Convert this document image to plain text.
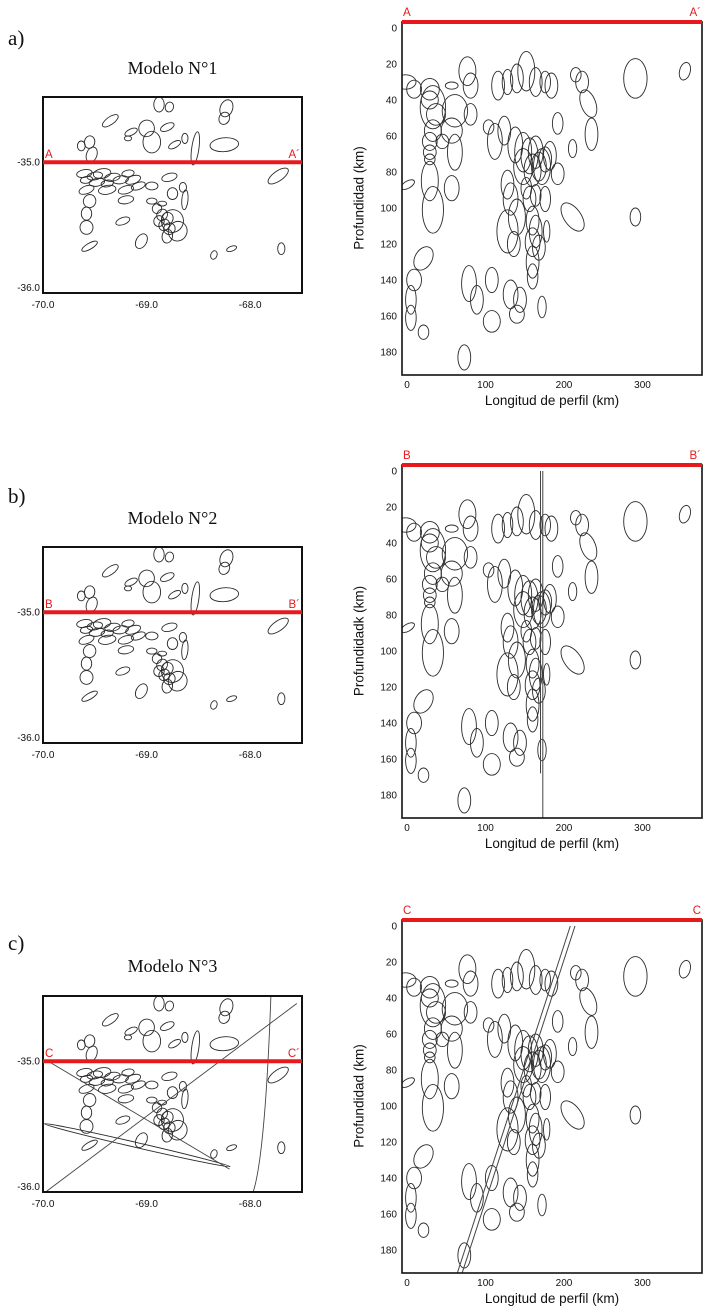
a)
Modelo N°1
A	A´
-35.0
-36.0
-70.0	-69.0	-68.0
A	A´
0
20
40
60
80
100
120
140
160
180
0	100	200	300
Profundidad (km)
Longitud de perfil (km)
b)
Modelo N°2
B	B´
-35.0
-36.0
-70.0	-69.0	-68.0
B	B´
0
20
40
60
80
100
120
140
160
180
0	100	200	300
Profundidadk (km)
Longitud de perfil (km)
c)
Modelo N°3
C	C´
-35.0
-36.0
-70.0	-69.0	-68.0
C	C
0
20
40
60
80
100
120
140
160
180
0	100	200	300
Profundidad (km)
Longitud de perfil (km)
